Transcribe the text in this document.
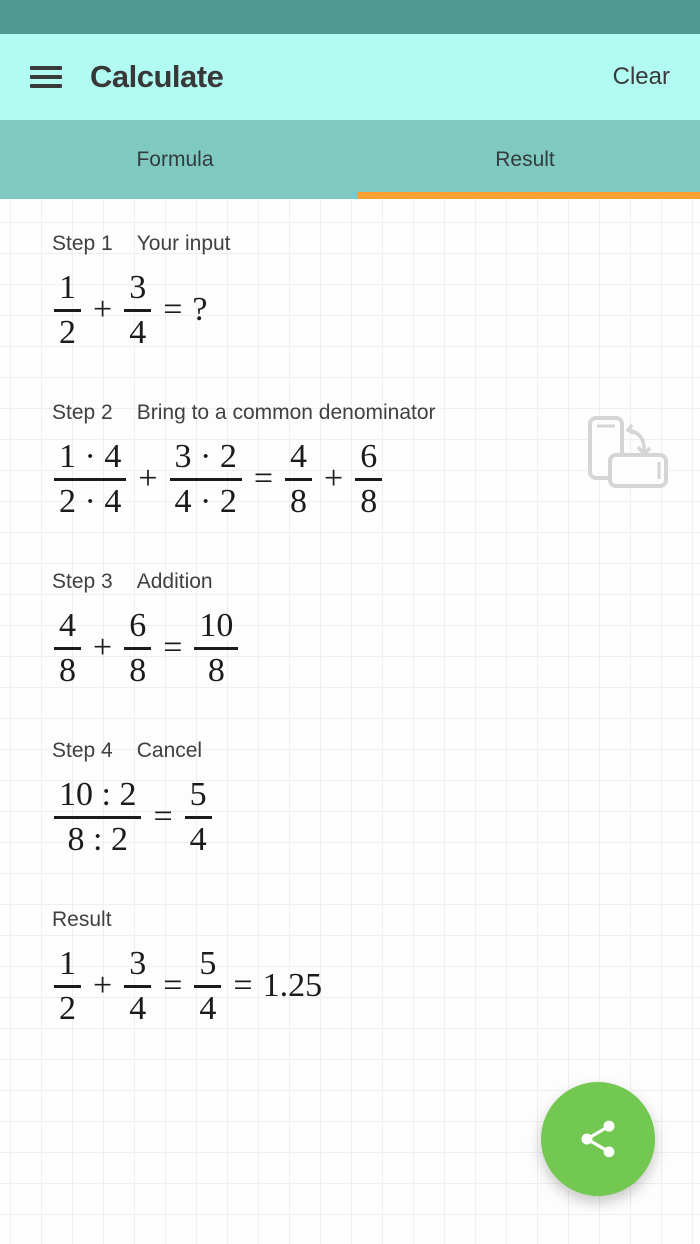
Calculate	Clear
Formula	Result
Step 1 Your input
$\frac{1}{2} + \frac{3}{4}$ = ?
Step 2 Bring to a common denominator
$\frac{1 \cdot 4}{2 \cdot 4} + \frac{3 \cdot 2}{4 \cdot 2} = \frac{4}{8} + \frac{6}{8}$
Step 3 Addition
$\frac{4}{8} + \frac{6}{8} = \frac{10}{8}$
Step 4 Cancel
$\frac{10 : 2}{8 : 2} = \frac{5}{4}$
Result
$\frac{1}{2} + \frac{3}{4} = \frac{5}{4} = 1.25$
